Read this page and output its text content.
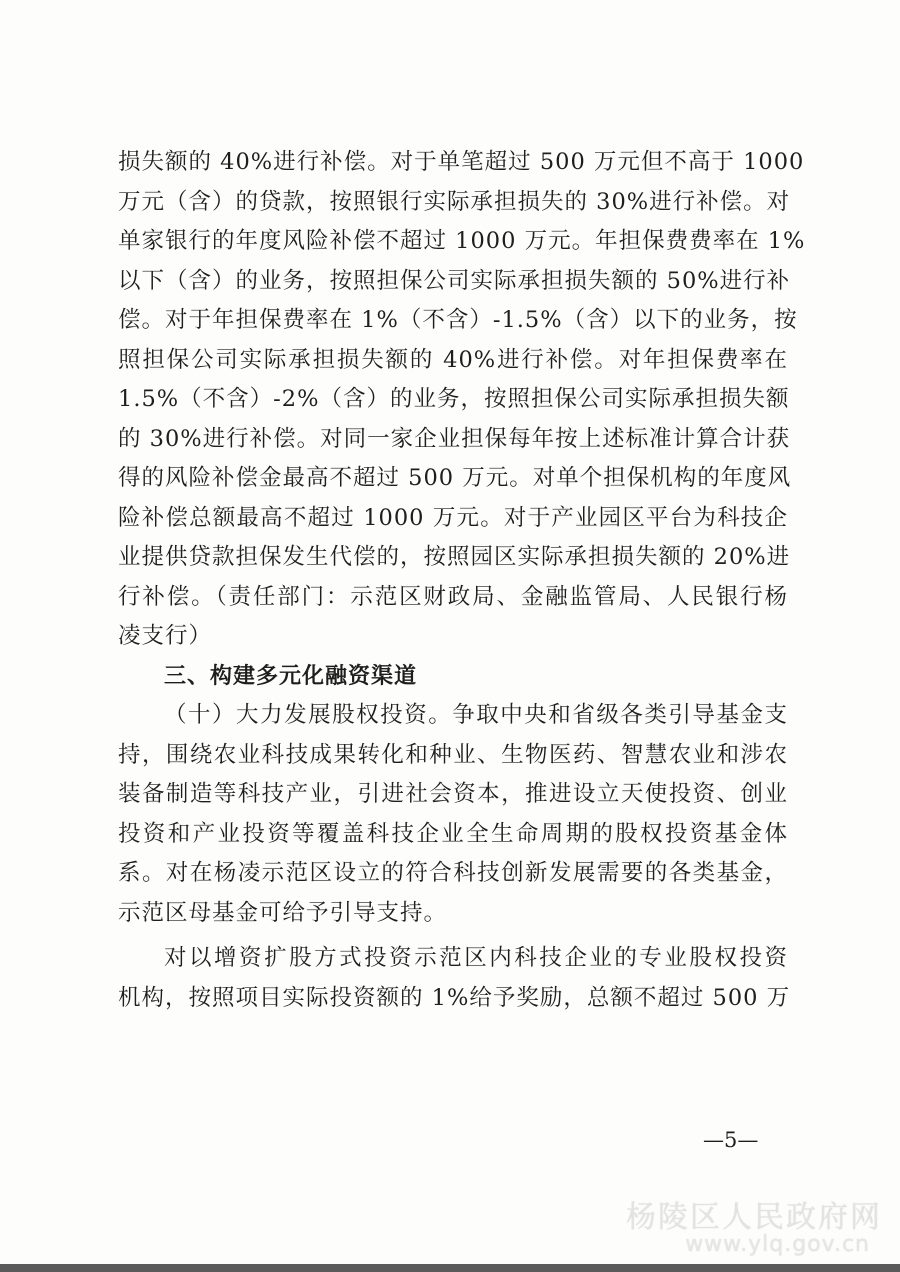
损失额的 40%进行补偿。对于单笔超过 500 万元但不高于 1000
万元（含）的贷款，按照银行实际承担损失的 30%进行补偿。对
单家银行的年度风险补偿不超过 1000 万元。年担保费费率在 1%
以下（含）的业务，按照担保公司实际承担损失额的 50%进行补
偿。对于年担保费率在 1%（不含）-1.5%（含）以下的业务，按
照担保公司实际承担损失额的 40%进行补偿。对年担保费率在
1.5%（不含）-2%（含）的业务，按照担保公司实际承担损失额
的 30%进行补偿。对同一家企业担保每年按上述标准计算合计获
得的风险补偿金最高不超过 500 万元。对单个担保机构的年度风
险补偿总额最高不超过 1000 万元。对于产业园区平台为科技企
业提供贷款担保发生代偿的，按照园区实际承担损失额的 20%进
行补偿。（责任部门：示范区财政局、金融监管局、人民银行杨
凌支行）
三、构建多元化融资渠道
（十）大力发展股权投资。争取中央和省级各类引导基金支
持，围绕农业科技成果转化和种业、生物医药、智慧农业和涉农
装备制造等科技产业，引进社会资本，推进设立天使投资、创业
投资和产业投资等覆盖科技企业全生命周期的股权投资基金体
系。对在杨凌示范区设立的符合科技创新发展需要的各类基金，
示范区母基金可给予引导支持。
对以增资扩股方式投资示范区内科技企业的专业股权投资
机构，按照项目实际投资额的 1%给予奖励，总额不超过 500 万
—5—
杨陵区人民政府网
www.ylq.gov.cn
